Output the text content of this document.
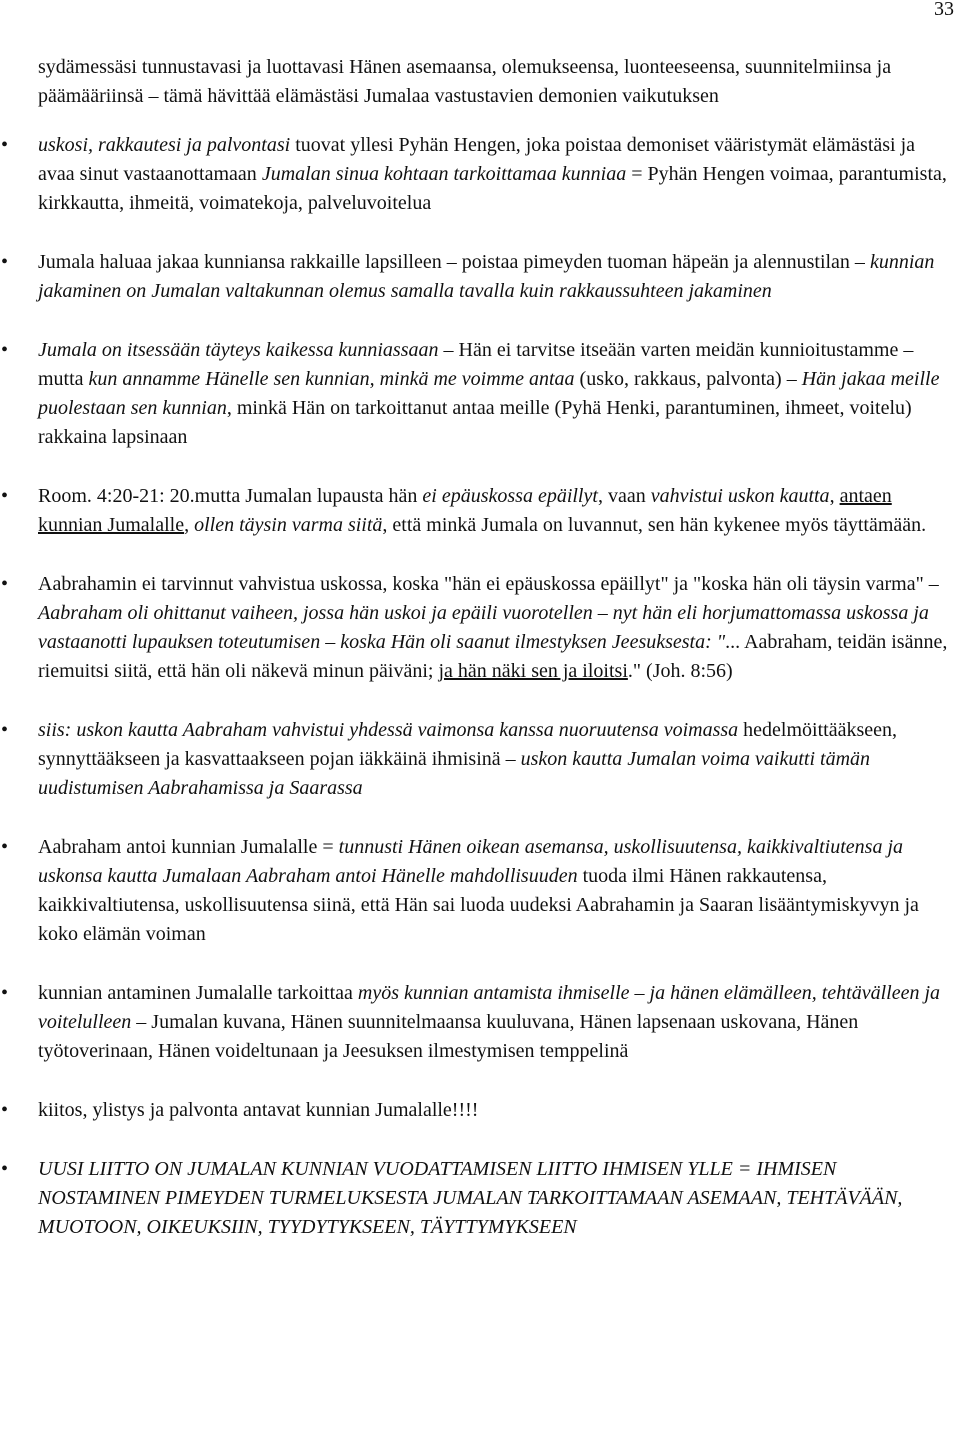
33

sydämessäsi tunnustavasi ja luottavasi Hänen asemaansa, olemukseensa, luonteeseensa, suunnitelmiinsa ja päämääriinsä – tämä hävittää elämästäsi Jumalaa vastustavien demonien vaikutuksen

• uskosi, rakkautesi ja palvontasi tuovat yllesi Pyhän Hengen, joka poistaa demoniset vääristymät elämästäsi ja avaa sinut vastaanottamaan Jumalan sinua kohtaan tarkoittamaa kunniaa = Pyhän Hengen voimaa, parantumista, kirkkautta, ihmeitä, voimatekoja, palveluvoitelua
• Jumala haluaa jakaa kunniansa rakkaille lapsilleen – poistaa pimeyden tuoman häpeän ja alennustilan – kunnian jakaminen on Jumalan valtakunnan olemus samalla tavalla kuin rakkaussuhteen jakaminen
• Jumala on itsessään täyteys kaikessa kunniassaan – Hän ei tarvitse itseään varten meidän kunnioitustamme – mutta kun annamme Hänelle sen kunnian, minkä me voimme antaa (usko, rakkaus, palvonta) – Hän jakaa meille puolestaan sen kunnian, minkä Hän on tarkoittanut antaa meille (Pyhä Henki, parantuminen, ihmeet, voitelu) rakkaina lapsinaan
• Room. 4:20-21: 20.mutta Jumalan lupausta hän ei epäuskossa epäillyt, vaan vahvistui uskon kautta, antaen kunnian Jumalalle, ollen täysin varma siitä, että minkä Jumala on luvannut, sen hän kykenee myös täyttämään.
• Aabrahamin ei tarvinnut vahvistua uskossa, koska "hän ei epäuskossa epäillyt" ja "koska hän oli täysin varma" – Aabraham oli ohittanut vaiheen, jossa hän uskoi ja epäili vuorotellen – nyt hän eli horjumattomassa uskossa ja vastaanotti lupauksen toteutumisen – koska Hän oli saanut ilmestyksen Jeesuksesta: "... Aabraham, teidän isänne, riemuitsi siitä, että hän oli näkevä minun päiväni; ja hän näki sen ja iloitsi." (Joh. 8:56)
• siis: uskon kautta Aabraham vahvistui yhdessä vaimonsa kanssa nuoruutensa voimassa hedelmöittääkseen, synnyttääkseen ja kasvattaakseen pojan iäkkäinä ihmisinä – uskon kautta Jumalan voima vaikutti tämän uudistumisen Aabrahamissa ja Saarassa
• Aabraham antoi kunnian Jumalalle = tunnusti Hänen oikean asemansa, uskollisuutensa, kaikkivaltiutensa ja uskonsa kautta Jumalaan Aabraham antoi Hänelle mahdollisuuden tuoda ilmi Hänen rakkautensa, kaikkivaltiutensa, uskollisuutensa siinä, että Hän sai luoda uudeksi Aabrahamin ja Saaran lisääntymiskyvyn ja koko elämän voiman
• kunnian antaminen Jumalalle tarkoittaa myös kunnian antamista ihmiselle – ja hänen elämälleen, tehtävälleen ja voitelulleen – Jumalan kuvana, Hänen suunnitelmaansa kuuluvana, Hänen lapsenaan uskovana, Hänen työtoverinaan, Hänen voideltunaan ja Jeesuksen ilmestymisen temppelinä
• kiitos, ylistys ja palvonta antavat kunnian Jumalalle!!!!
• UUSI LIITTO ON JUMALAN KUNNIAN VUODATTAMISEN LIITTO IHMISEN YLLE = IHMISEN NOSTAMINEN PIMEYDEN TURMELUKSESTA JUMALAN TARKOITTAMAAN ASEMAAN, TEHTÄVÄÄN, MUOTOON, OIKEUKSIIN, TYYDYTYKSEEN, TÄYTTYMYKSEEN
